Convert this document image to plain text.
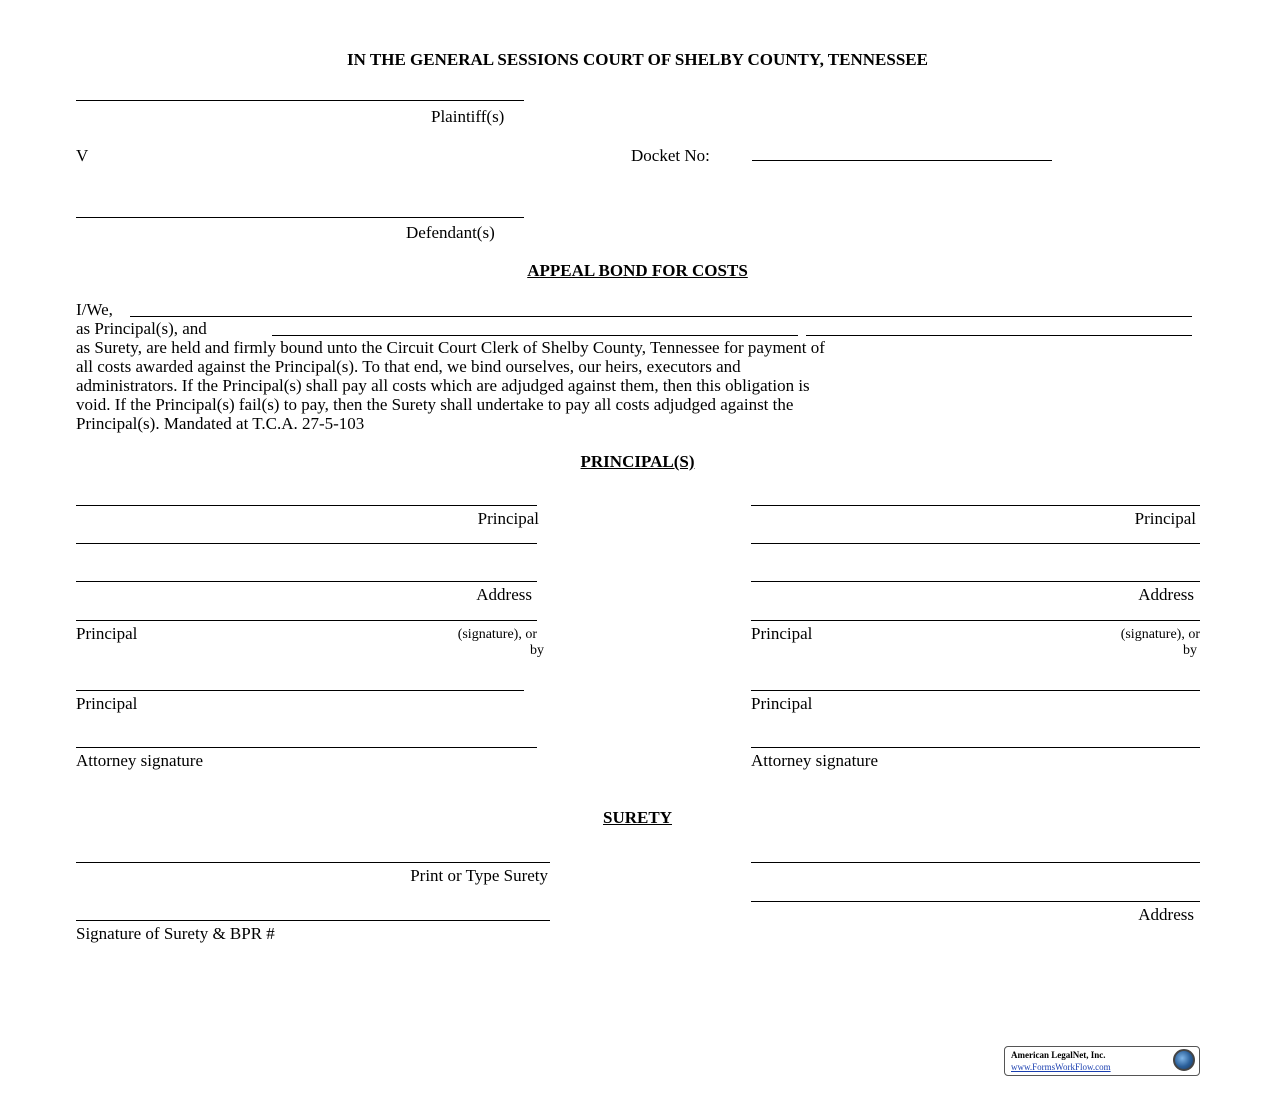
IN THE GENERAL SESSIONS COURT OF SHELBY COUNTY, TENNESSEE
Plaintiff(s)
V	Docket No:
Defendant(s)
APPEAL BOND FOR COSTS
I/We,
as Principal(s), and
as Surety, are held and firmly bound unto the Circuit Court Clerk of Shelby County, Tennessee for payment of
all costs awarded against the Principal(s). To that end, we bind ourselves, our heirs, executors and
administrators. If the Principal(s) shall pay all costs which are adjudged against them, then this obligation is
void. If the Principal(s) fail(s) to pay, then the Surety shall undertake to pay all costs adjudged against the
Principal(s). Mandated at T.C.A. 27-5-103
PRINCIPAL(S)
Principal
Address
Principal	(signature), or
by
Principal
Attorney signature
Principal
Address
Principal	(signature), or
by
Principal
Attorney signature
SURETY
Print or Type Surety
Signature of Surety & BPR #
Address
American LegalNet, Inc.
www.FormsWorkFlow.com
